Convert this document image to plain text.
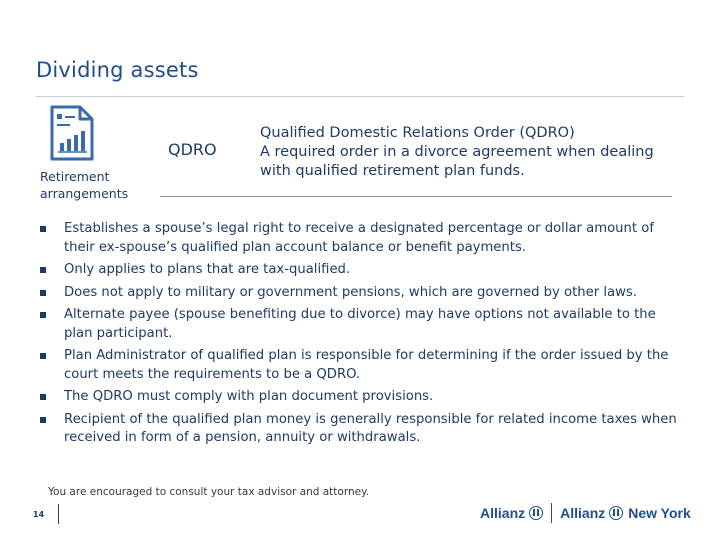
Dividing assets
Retirement arrangements
QDRO
Qualified Domestic Relations Order (QDRO)
A required order in a divorce agreement when dealing with qualified retirement plan funds.
Establishes a spouse’s legal right to receive a designated percentage or dollar amount of their ex-spouse’s qualified plan account balance or benefit payments.
Only applies to plans that are tax-qualified.
Does not apply to military or government pensions, which are governed by other laws.
Alternate payee (spouse benefiting due to divorce) may have options not available to the plan participant.
Plan Administrator of qualified plan is responsible for determining if the order issued by the court meets the requirements to be a QDRO.
The QDRO must comply with plan document provisions.
Recipient of the qualified plan money is generally responsible for related income taxes when received in form of a pension, annuity or withdrawals.
You are encouraged to consult your tax advisor and attorney.
14	Allianz	Allianz New York
